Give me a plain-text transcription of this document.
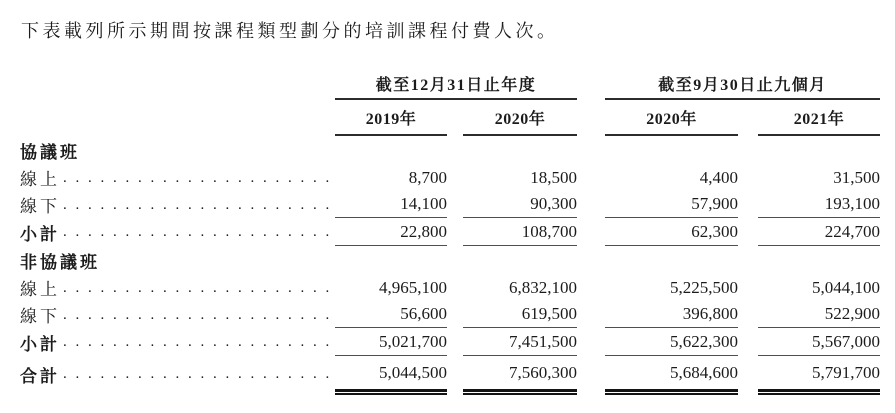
下表載列所示期間按課程類型劃分的培訓課程付費人次。
截至12月31日止年度	截至9月30日止九個月
2019年	2020年	2020年	2021年
協議班
線上 . . .	8,700	18,500	4,400	31,500
線下 . . .	14,100	90,300	57,900	193,100
小計 . . .	22,800	108,700	62,300	224,700
非協議班
線上 . . .	4,965,100	6,832,100	5,225,500	5,044,100
線下 . . .	56,600	619,500	396,800	522,900
小計 . . .	5,021,700	7,451,500	5,622,300	5,567,000
合計 . . .	5,044,500	7,560,300	5,684,600	5,791,700
